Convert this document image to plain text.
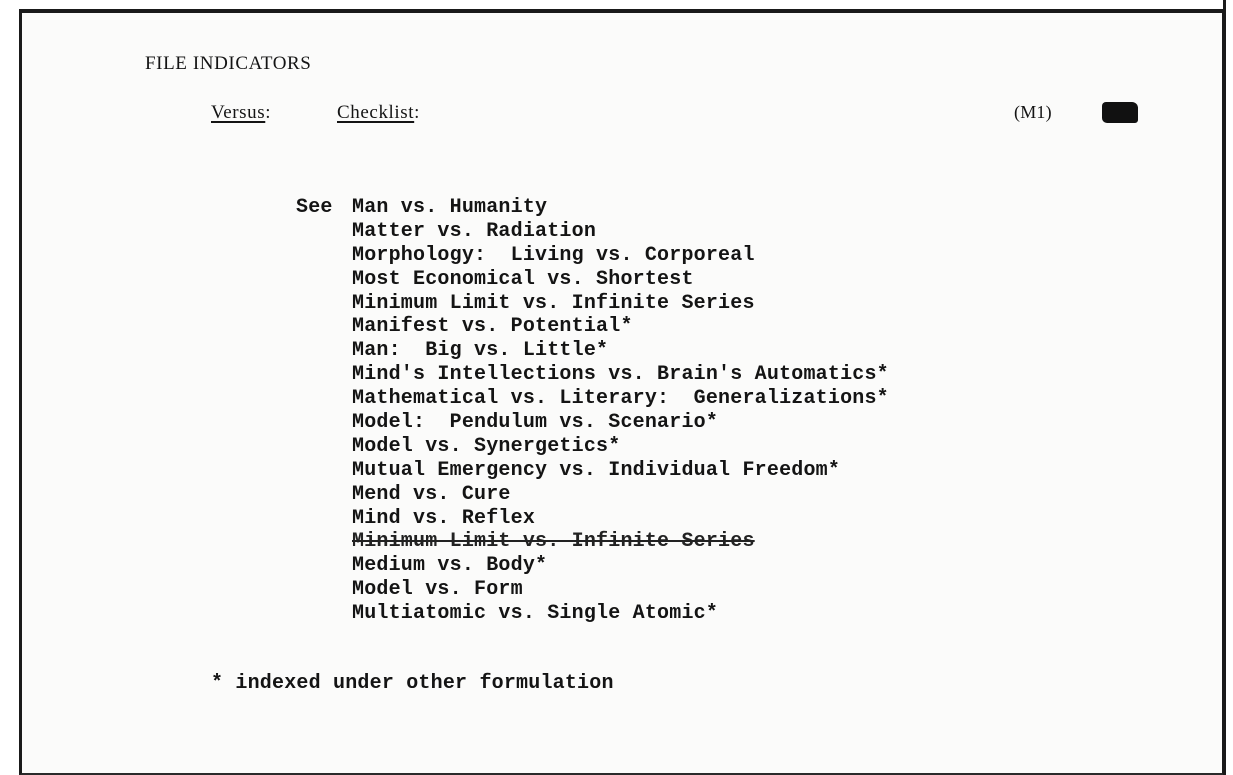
FILE INDICATORS
Versus:	Checklist:	(M1)
See Man vs. Humanity
Matter vs. Radiation
Morphology:  Living vs. Corporeal
Most Economical vs. Shortest
Minimum Limit vs. Infinite Series
Manifest vs. Potential*
Man:  Big vs. Little*
Mind's Intellections vs. Brain's Automatics*
Mathematical vs. Literary:  Generalizations*
Model:  Pendulum vs. Scenario*
Model vs. Synergetics*
Mutual Emergency vs. Individual Freedom*
Mend vs. Cure
Mind vs. Reflex
Minimum Limit vs. Infinite Series
Medium vs. Body*
Model vs. Form
Multiatomic vs. Single Atomic*
* indexed under other formulation
